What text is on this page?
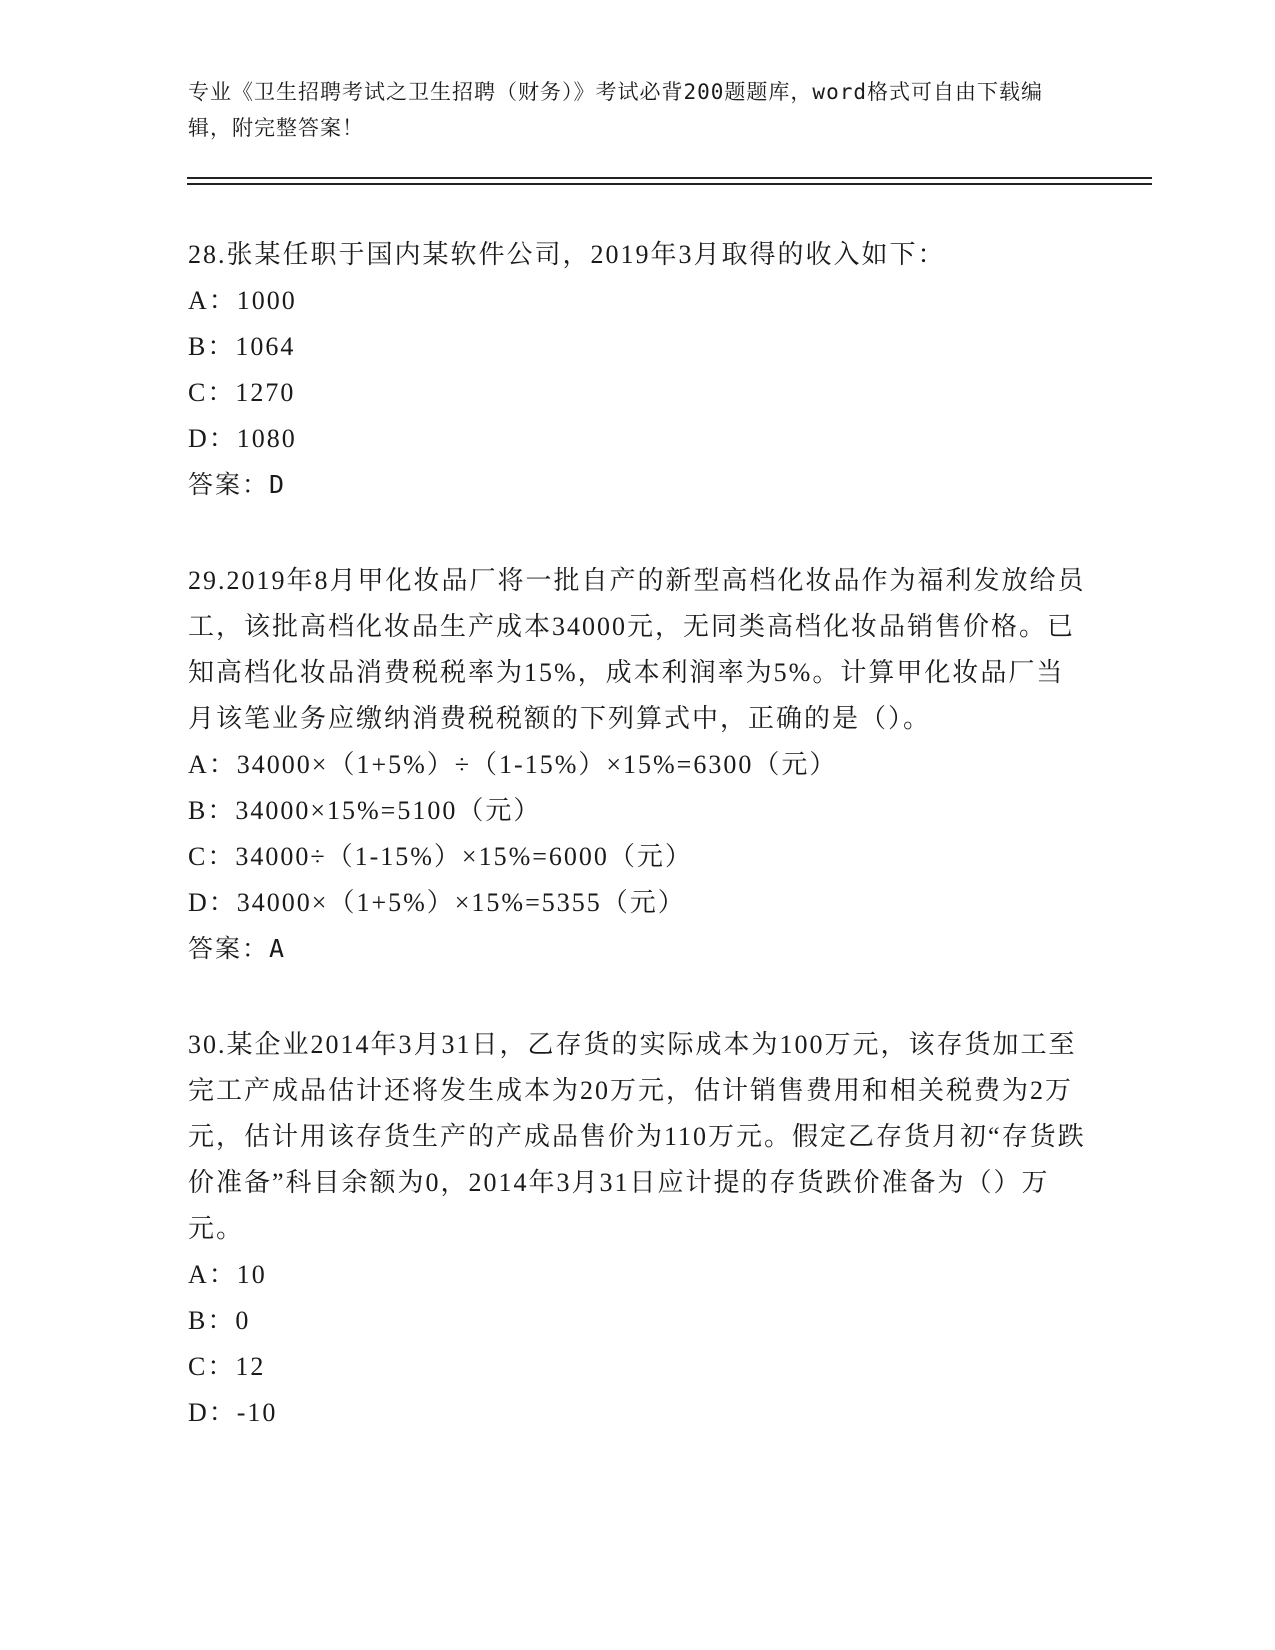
专业《卫生招聘考试之卫生招聘（财务）》考试必背200题题库，word格式可自由下载编辑，附完整答案！

28.张某任职于国内某软件公司，2019年3月取得的收入如下：

A：1000

B：1064

C：1270

D：1080

答案：D

29.2019年8月甲化妆品厂将一批自产的新型高档化妆品作为福利发放给员工，该批高档化妆品生产成本34000元，无同类高档化妆品销售价格。已知高档化妆品消费税税率为15%，成本利润率为5%。计算甲化妆品厂当月该笔业务应缴纳消费税税额的下列算式中，正确的是（）。

A：34000×（1+5%）÷（1-15%）×15%=6300（元）

B：34000×15%=5100（元）

C：34000÷（1-15%）×15%=6000（元）

D：34000×（1+5%）×15%=5355（元）

答案：A

30.某企业2014年3月31日，乙存货的实际成本为100万元，该存货加工至完工产成品估计还将发生成本为20万元，估计销售费用和相关税费为2万元，估计用该存货生产的产成品售价为110万元。假定乙存货月初“存货跌价准备”科目余额为0，2014年3月31日应计提的存货跌价准备为（）万元。

A：10

B：0

C：12

D：-10
